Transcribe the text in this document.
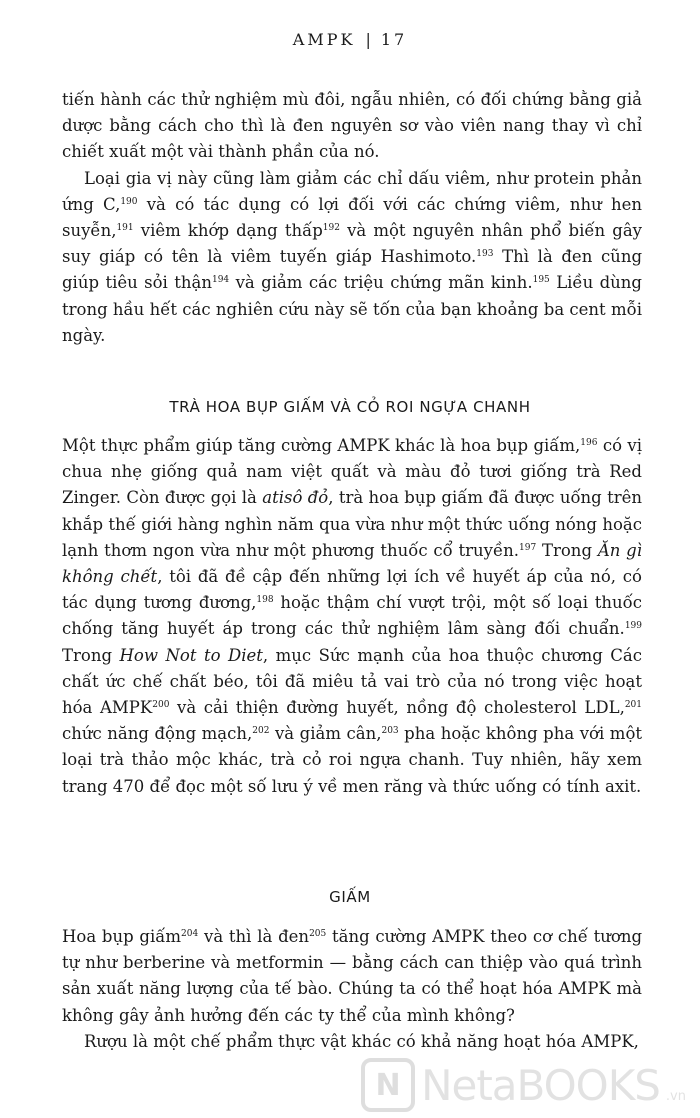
AMPK | 17

tiến hành các thử nghiệm mù đôi, ngẫu nhiên, có đối chứng bằng giả dược bằng cách cho thì là đen nguyên sơ vào viên nang thay vì chỉ chiết xuất một vài thành phần của nó.

Loại gia vị này cũng làm giảm các chỉ dấu viêm, như protein phản ứng C,$^{190}$ và có tác dụng có lợi đối với các chứng viêm, như hen suyễn,$^{191}$ viêm khớp dạng thấp$^{192}$ và một nguyên nhân phổ biến gây suy giáp có tên là viêm tuyến giáp Hashimoto.$^{193}$ Thì là đen cũng giúp tiêu sỏi thận$^{194}$ và giảm các triệu chứng mãn kinh.$^{195}$ Liều dùng trong hầu hết các nghiên cứu này sẽ tốn của bạn khoảng ba cent mỗi ngày.

TRÀ HOA BỤP GIẤM VÀ CỎ ROI NGỰA CHANH

Một thực phẩm giúp tăng cường AMPK khác là hoa bụp giấm,$^{196}$ có vị chua nhẹ giống quả nam việt quất và màu đỏ tươi giống trà Red Zinger. Còn được gọi là atisô đỏ, trà hoa bụp giấm đã được uống trên khắp thế giới hàng nghìn năm qua vừa như một thức uống nóng hoặc lạnh thơm ngon vừa như một phương thuốc cổ truyền.$^{197}$ Trong Ăn gì không chết, tôi đã đề cập đến những lợi ích về huyết áp của nó, có tác dụng tương đương,$^{198}$ hoặc thậm chí vượt trội, một số loại thuốc chống tăng huyết áp trong các thử nghiệm lâm sàng đối chuẩn.$^{199}$ Trong How Not to Diet, mục Sức mạnh của hoa thuộc chương Các chất ức chế chất béo, tôi đã miêu tả vai trò của nó trong việc hoạt hóa AMPK$^{200}$ và cải thiện đường huyết, nồng độ cholesterol LDL,$^{201}$ chức năng động mạch,$^{202}$ và giảm cân,$^{203}$ pha hoặc không pha với một loại trà thảo mộc khác, trà cỏ roi ngựa chanh. Tuy nhiên, hãy xem trang 470 để đọc một số lưu ý về men răng và thức uống có tính axit.

GIẤM

Hoa bụp giấm$^{204}$ và thì là đen$^{205}$ tăng cường AMPK theo cơ chế tương tự như berberine và metformin — bằng cách can thiệp vào quá trình sản xuất năng lượng của tế bào. Chúng ta có thể hoạt hóa AMPK mà không gây ảnh hưởng đến các ty thể của mình không?

Rượu là một chế phẩm thực vật khác có khả năng hoạt hóa AMPK,

N NetaBOOKS .vn
